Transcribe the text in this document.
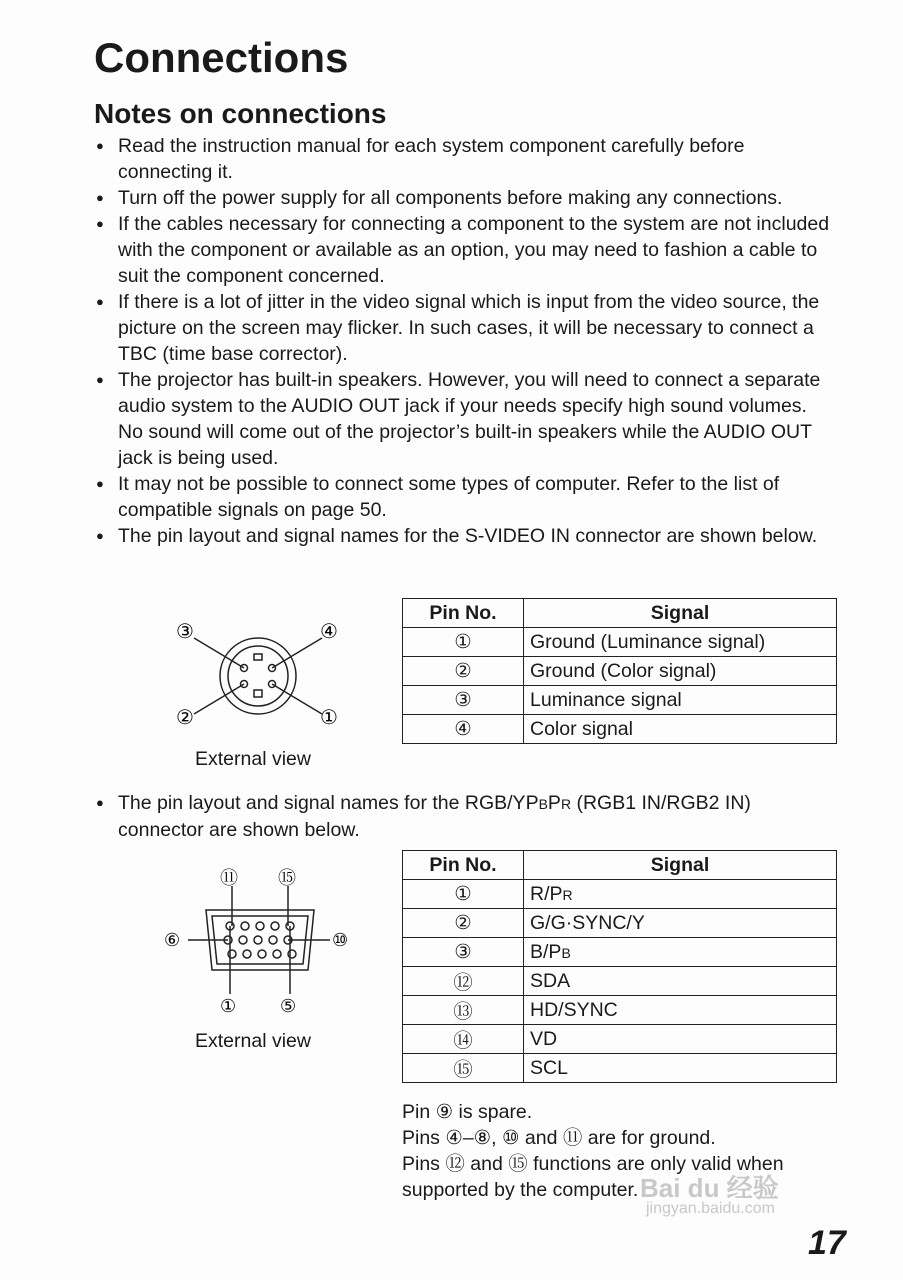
Connections
Notes on connections
● Read the instruction manual for each system component carefully before connecting it.
● Turn off the power supply for all components before making any connections.
● If the cables necessary for connecting a component to the system are not included with the component or available as an option, you may need to fashion a cable to suit the component concerned.
● If there is a lot of jitter in the video signal which is input from the video source, the picture on the screen may flicker. In such cases, it will be necessary to connect a TBC (time base corrector).
● The projector has built-in speakers. However, you will need to connect a separate audio system to the AUDIO OUT jack if your needs specify high sound volumes. No sound will come out of the projector’s built-in speakers while the AUDIO OUT jack is being used.
● It may not be possible to connect some types of computer. Refer to the list of compatible signals on page 50.
● The pin layout and signal names for the S-VIDEO IN connector are shown below.
③	④
②	①
External view
Pin No.	Signal
①	Ground (Luminance signal)
②	Ground (Color signal)
③	Luminance signal
④	Color signal
● The pin layout and signal names for the RGB/YPBPR (RGB1 IN/RGB2 IN) connector are shown below.
⑪ ⑮
⑥	⑩
① ⑤
External view
Pin No.	Signal
①	R/PR
②	G/G·SYNC/Y
③	B/PB
⑫	SDA
⑬	HD/SYNC
⑭	VD
⑮	SCL
Pin ⑨ is spare.
Pins ④–⑧, ⑩ and ⑪ are for ground.
Pins ⑫ and ⑮ functions are only valid when supported by the computer. Bai du 经验
jingyan.baidu.com
17
